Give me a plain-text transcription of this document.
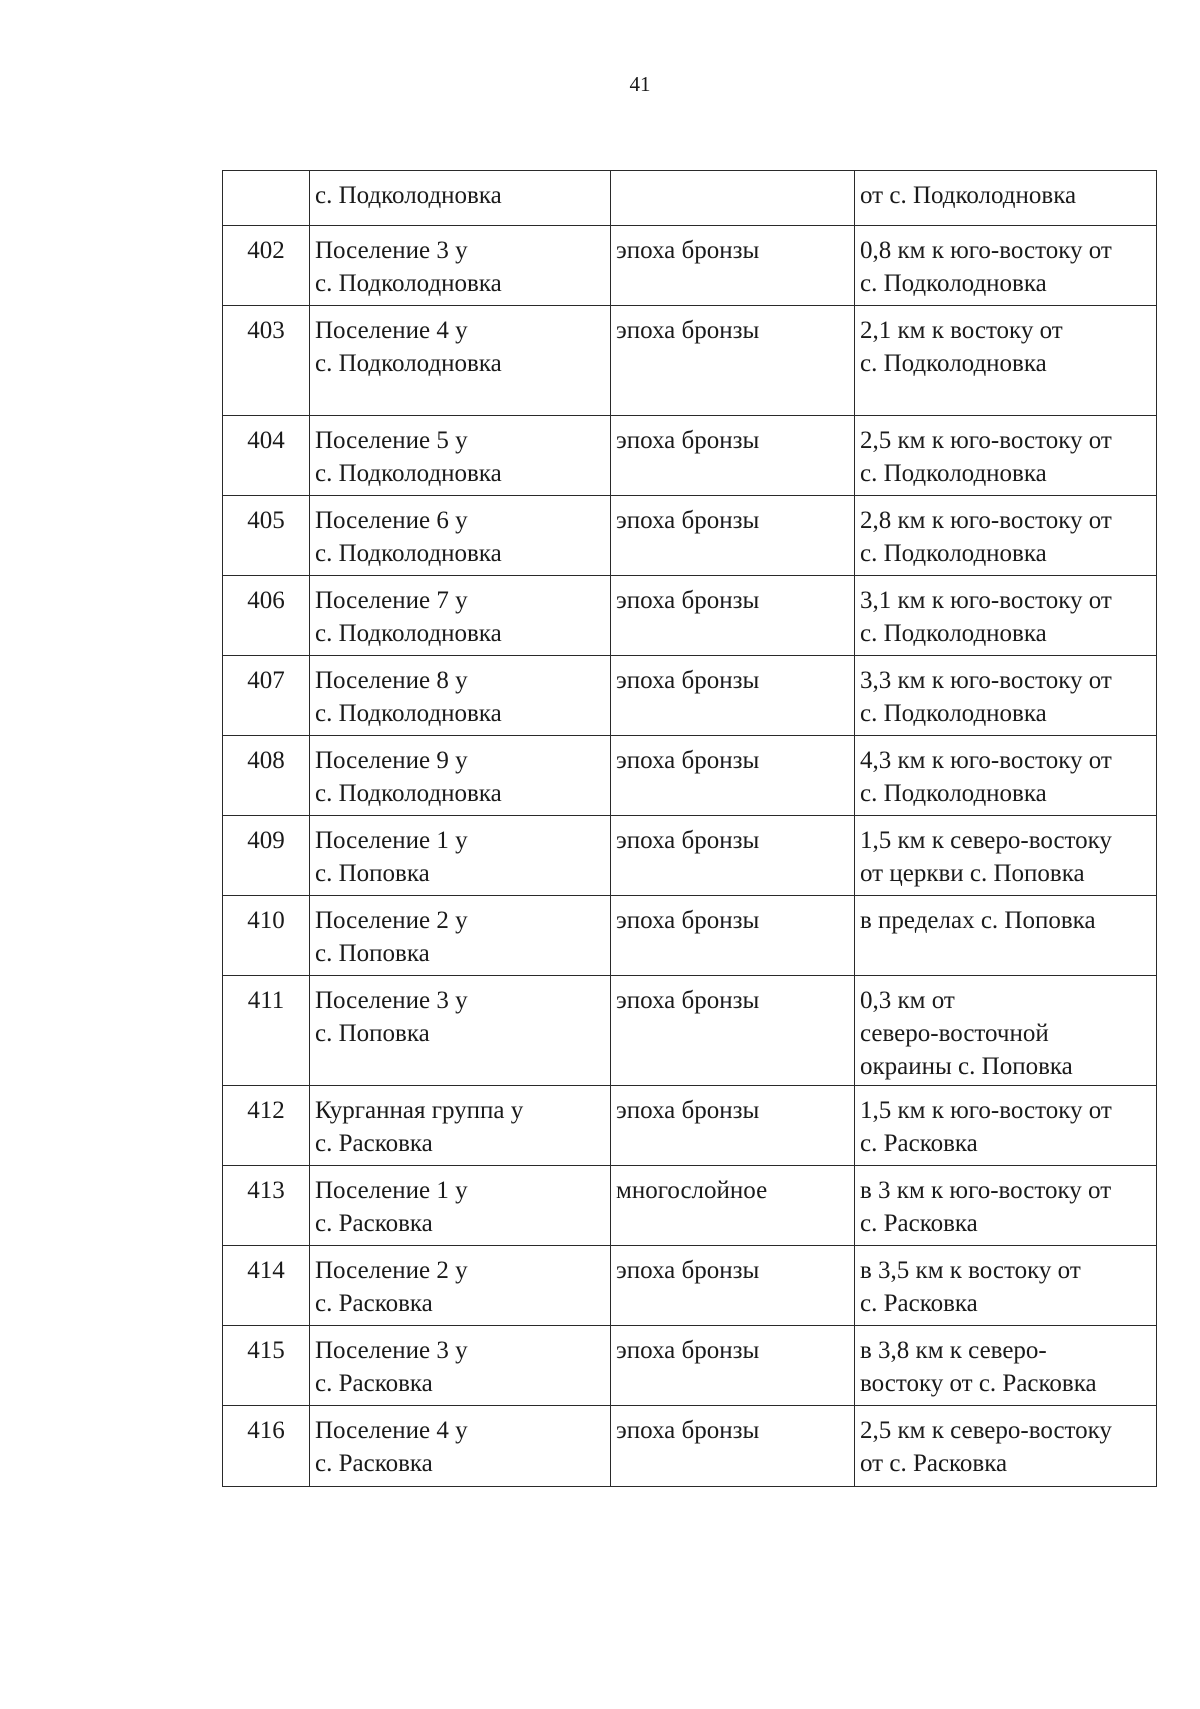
41

	с. Подколодновка		от с. Подколодновка

402	Поселение 3 у
с. Подколодновка	эпоха бронзы	0,8 км к юго-востоку от
с. Подколодновка

403	Поселение 4 у
с. Подколодновка	эпоха бронзы	2,1 км к востоку от
с. Подколодновка

404	Поселение 5 у
с. Подколодновка	эпоха бронзы	2,5 км к юго-востоку от
с. Подколодновка

405	Поселение 6 у
с. Подколодновка	эпоха бронзы	2,8 км к юго-востоку от
с. Подколодновка

406	Поселение 7 у
с. Подколодновка	эпоха бронзы	3,1 км к юго-востоку от
с. Подколодновка

407	Поселение 8 у
с. Подколодновка	эпоха бронзы	3,3 км к юго-востоку от
с. Подколодновка

408	Поселение 9 у
с. Подколодновка	эпоха бронзы	4,3 км к юго-востоку от
с. Подколодновка

409	Поселение 1 у
с. Поповка	эпоха бронзы	1,5 км к северо-востоку
от церкви с. Поповка

410	Поселение 2 у
с. Поповка	эпоха бронзы	в пределах с. Поповка

411	Поселение 3 у
с. Поповка	эпоха бронзы	0,3 км от
северо-восточной
окраины с. Поповка

412	Курганная группа у
с. Расковка	эпоха бронзы	1,5 км к юго-востоку от
с. Расковка

413	Поселение 1 у
с. Расковка	многослойное	в 3 км к юго-востоку от
с. Расковка

414	Поселение 2 у
с. Расковка	эпоха бронзы	в 3,5 км к востоку от
с. Расковка

415	Поселение 3 у
с. Расковка	эпоха бронзы	в 3,8 км к северо-
востоку от с. Расковка

416	Поселение 4 у
с. Расковка	эпоха бронзы	2,5 км к северо-востоку
от с. Расковка
